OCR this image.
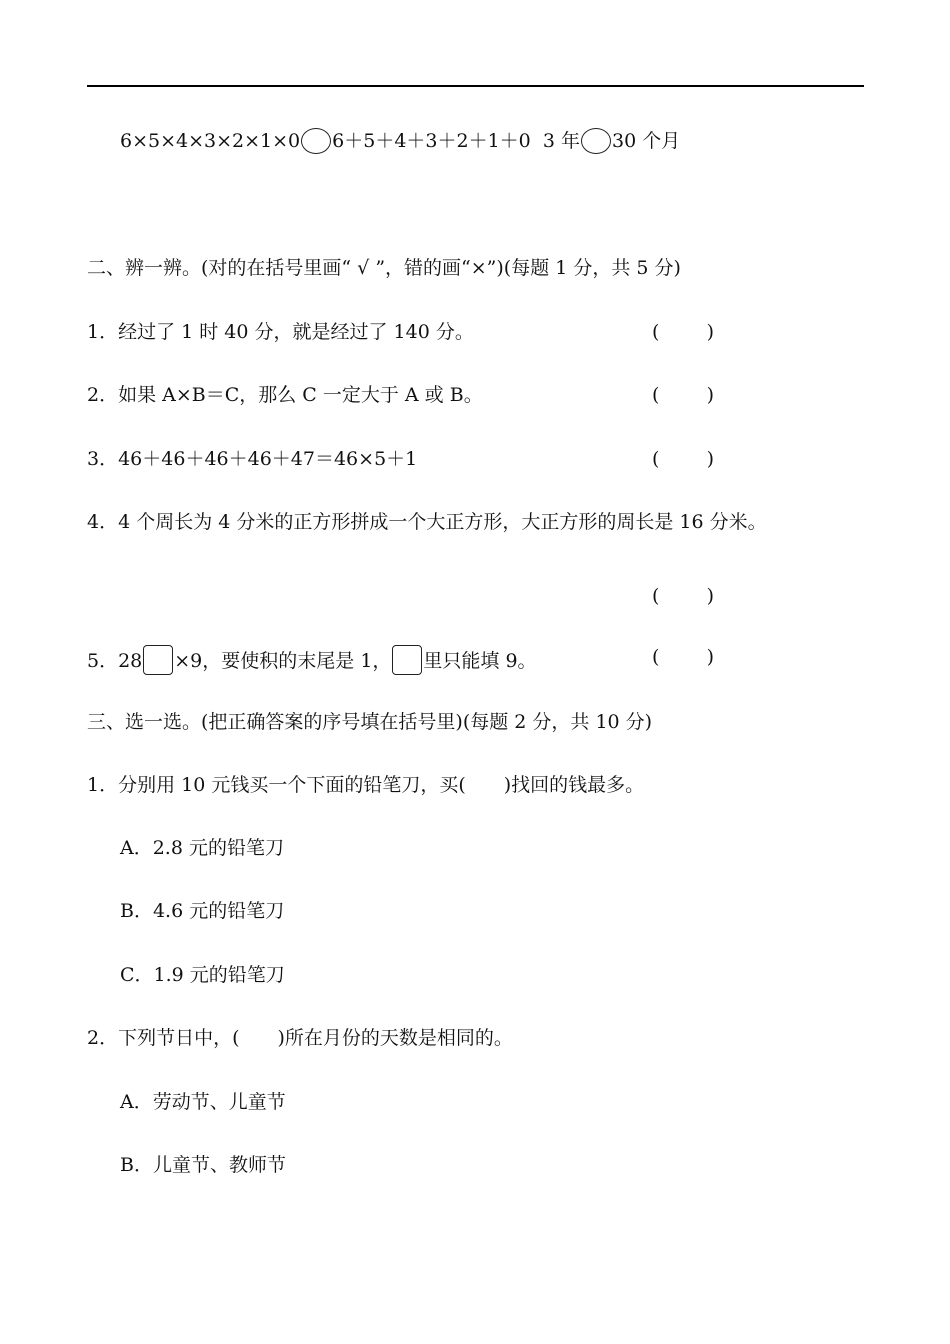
6×5×4×3×2×1×0 6＋5＋4＋3＋2＋1＋0 3 年 30 个月
二、辨一辨。(对的在括号里画“ √ ”，错的画“×”)(每题 1 分，共 5 分)
1．经过了 1 时 40 分，就是经过了 140 分。	( )
2．如果 A×B＝C，那么 C 一定大于 A 或 B。	( )
3．46＋46＋46＋46＋47＝46×5＋1	( )
4．4 个周长为 4 分米的正方形拼成一个大正方形，大正方形的周长是 16 分米。
( )
5．28 ×9，要使积的末尾是 1， 里只能填 9。	( )
三、选一选。(把正确答案的序号填在括号里)(每题 2 分，共 10 分)
1．分别用 10 元钱买一个下面的铅笔刀，买(　　)找回的钱最多。
A．2.8 元的铅笔刀
B．4.6 元的铅笔刀
C．1.9 元的铅笔刀
2．下列节日中，(　　)所在月份的天数是相同的。
A．劳动节、儿童节
B．儿童节、教师节
